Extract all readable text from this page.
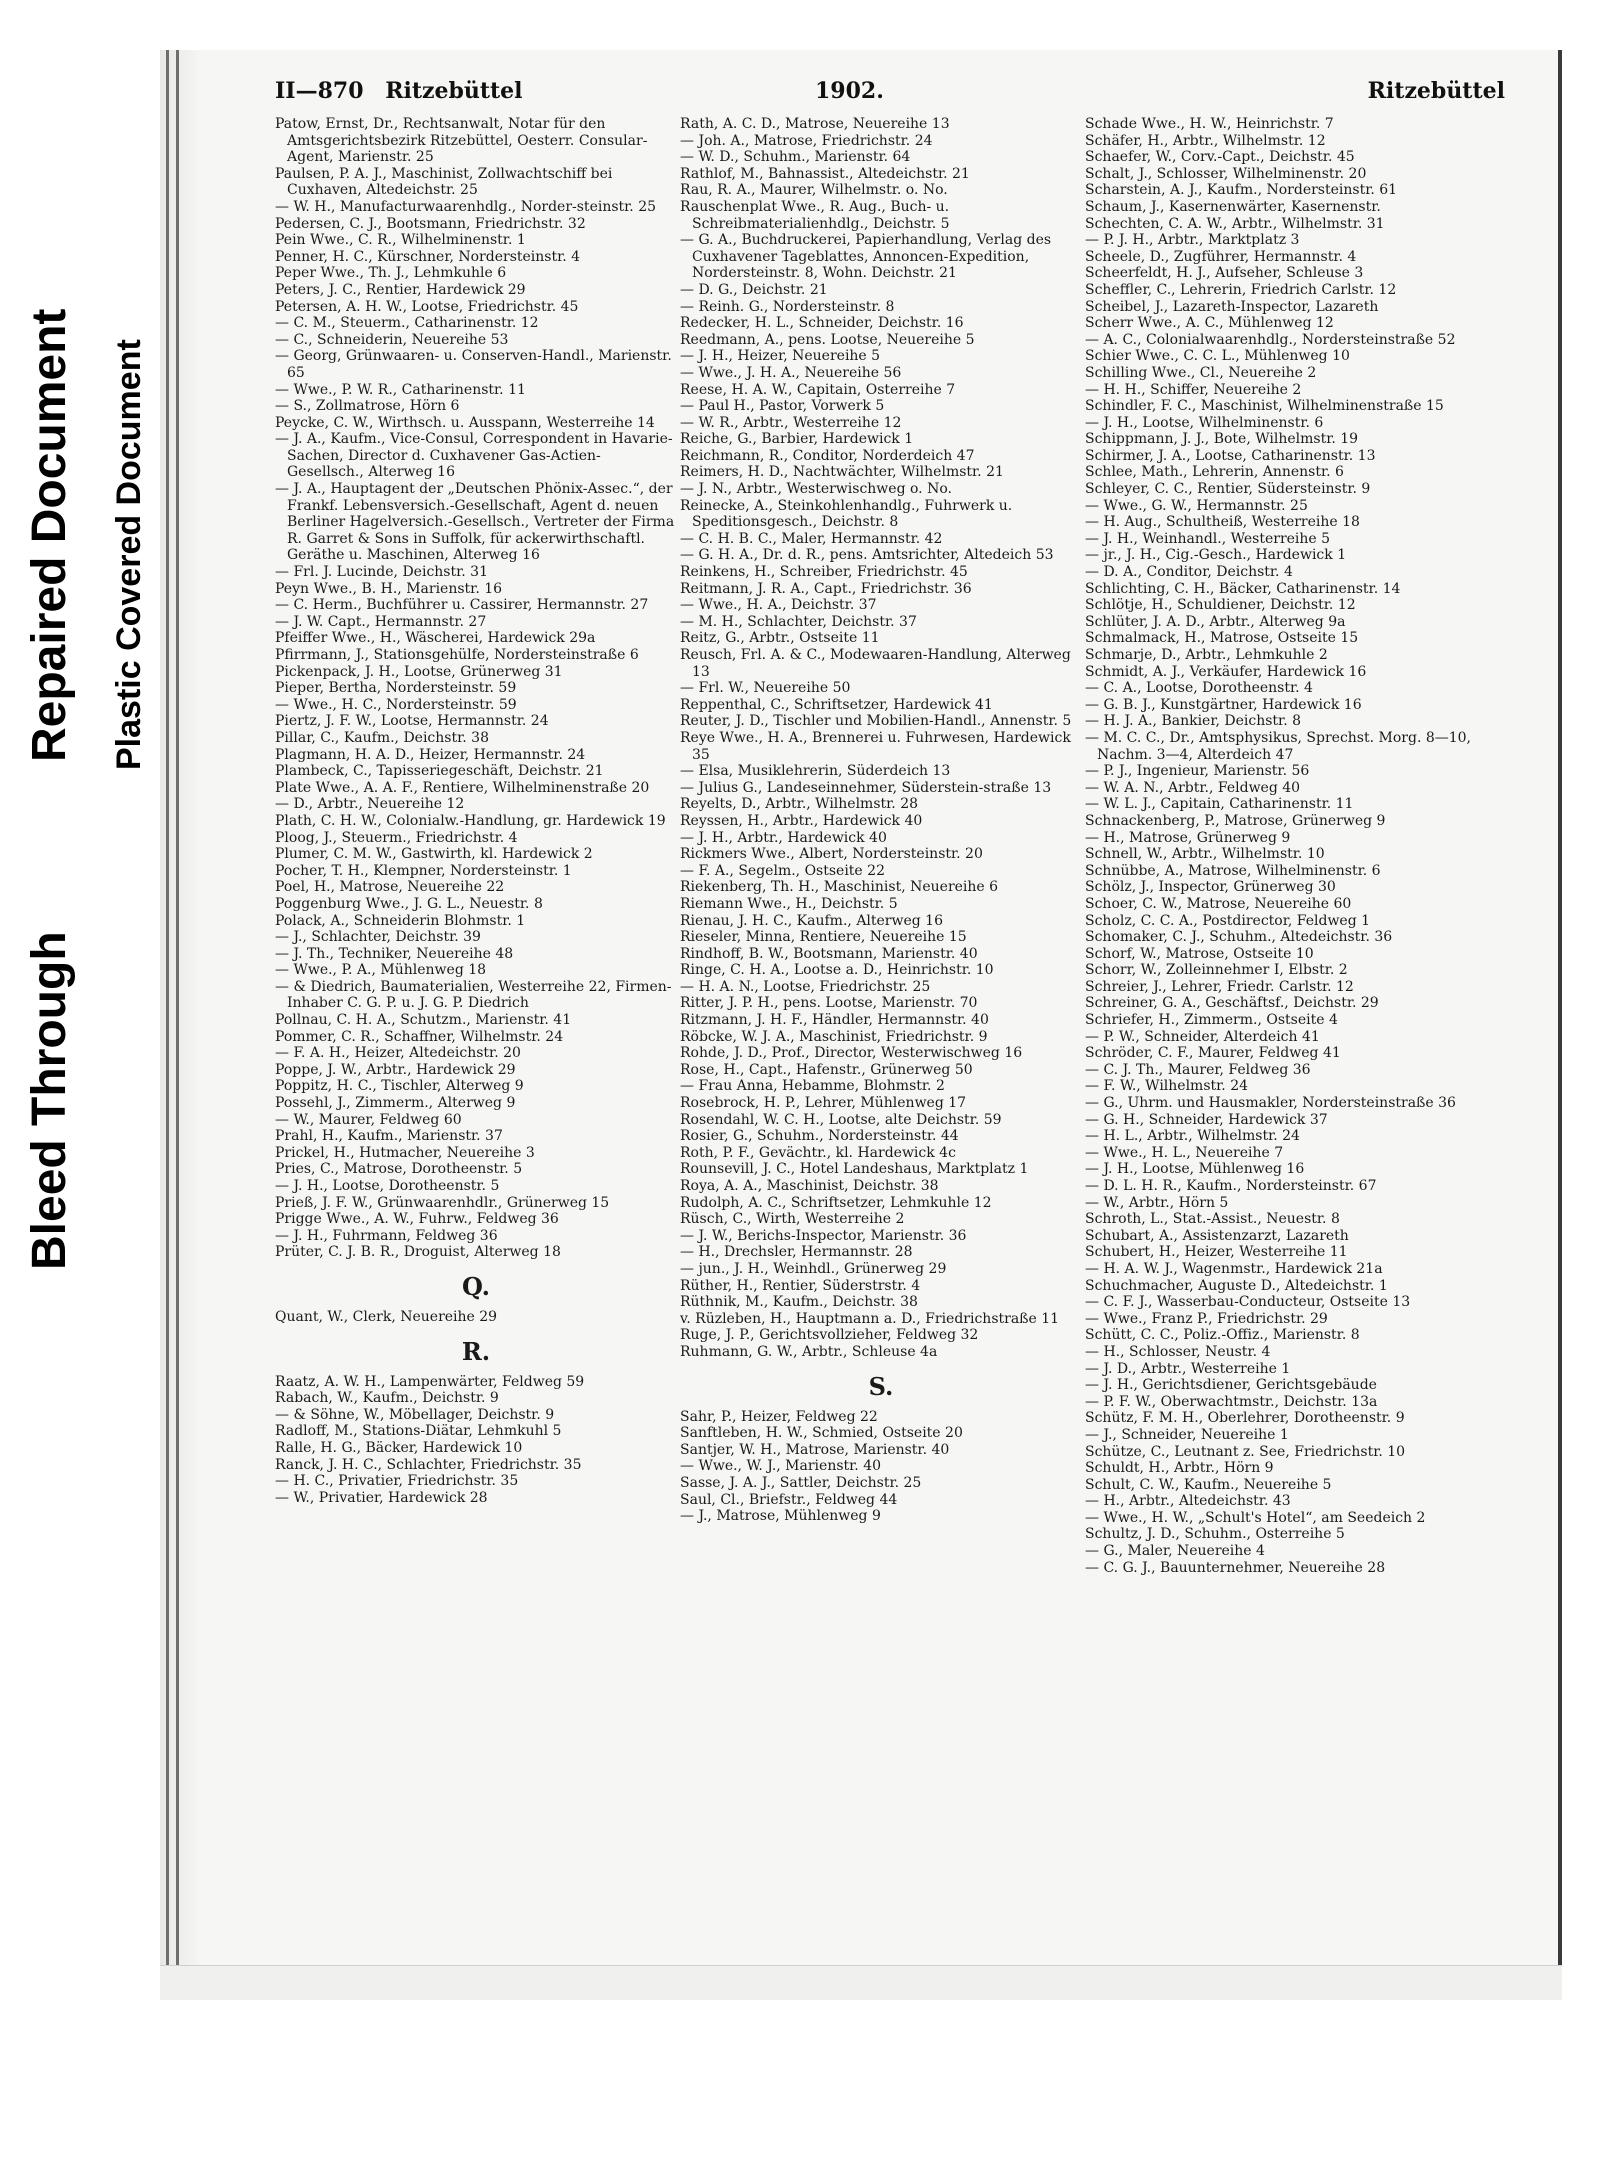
Bleed Through
Repaired Document Plastic Covered Document
II—870 Ritzebüttel	1902.	Ritzebüttel

Patow, Ernst, Dr., Rechtsanwalt, Notar für den Amtsgerichtsbezirk Ritzebüttel, Oesterr. Consular-Agent, Marienstr. 25

Paulsen, P. A. J., Maschinist, Zollwachtschiff bei Cuxhaven, Altedeichstr. 25

— W. H., Manufacturwaarenhdlg., Norder-steinstr. 25

Pedersen, C. J., Bootsmann, Friedrichstr. 32

Pein Wwe., C. R., Wilhelminenstr. 1

Penner, H. C., Kürschner, Nordersteinstr. 4

Peper Wwe., Th. J., Lehmkuhle 6

Peters, J. C., Rentier, Hardewick 29

Petersen, A. H. W., Lootse, Friedrichstr. 45

— C. M., Steuerm., Catharinenstr. 12

— C., Schneiderin, Neuereihe 53

— Georg, Grünwaaren- u. Conserven-Handl., Marienstr. 65

— Wwe., P. W. R., Catharinenstr. 11

— S., Zollmatrose, Hörn 6

Peycke, C. W., Wirthsch. u. Ausspann, Westerreihe 14

— J. A., Kaufm., Vice-Consul, Correspondent in Havarie-Sachen, Director d. Cuxhavener Gas-Actien-Gesellsch., Alterweg 16

— J. A., Hauptagent der „Deutschen Phönix-Assec.“, der Frankf. Lebensversich.-Gesellschaft, Agent d. neuen Berliner Hagelversich.-Gesellsch., Vertreter der Firma R. Garret & Sons in Suffolk, für ackerwirthschaftl. Geräthe u. Maschinen, Alterweg 16

— Frl. J. Lucinde, Deichstr. 31

Peyn Wwe., B. H., Marienstr. 16

— C. Herm., Buchführer u. Cassirer, Hermannstr. 27

— J. W. Capt., Hermannstr. 27

Pfeiffer Wwe., H., Wäscherei, Hardewick 29a

Pfirrmann, J., Stationsgehülfe, Nordersteinstraße 6

Pickenpack, J. H., Lootse, Grünerweg 31

Pieper, Bertha, Nordersteinstr. 59

— Wwe., H. C., Nordersteinstr. 59

Piertz, J. F. W., Lootse, Hermannstr. 24

Pillar, C., Kaufm., Deichstr. 38

Plagmann, H. A. D., Heizer, Hermannstr. 24

Plambeck, C., Tapisseriegeschäft, Deichstr. 21

Plate Wwe., A. A. F., Rentiere, Wilhelminenstraße 20

— D., Arbtr., Neuereihe 12

Plath, C. H. W., Colonialw.-Handlung, gr. Hardewick 19

Ploog, J., Steuerm., Friedrichstr. 4

Plumer, C. M. W., Gastwirth, kl. Hardewick 2

Pocher, T. H., Klempner, Nordersteinstr. 1

Poel, H., Matrose, Neuereihe 22

Poggenburg Wwe., J. G. L., Neuestr. 8

Polack, A., Schneiderin Blohmstr. 1

— J., Schlachter, Deichstr. 39

— J. Th., Techniker, Neuereihe 48

— Wwe., P. A., Mühlenweg 18

— & Diedrich, Baumaterialien, Westerreihe 22, Firmen-Inhaber C. G. P. u. J. G. P. Diedrich

Pollnau, C. H. A., Schutzm., Marienstr. 41

Pommer, C. R., Schaffner, Wilhelmstr. 24

— F. A. H., Heizer, Altedeichstr. 20

Poppe, J. W., Arbtr., Hardewick 29

Poppitz, H. C., Tischler, Alterweg 9

Possehl, J., Zimmerm., Alterweg 9

— W., Maurer, Feldweg 60

Prahl, H., Kaufm., Marienstr. 37

Prickel, H., Hutmacher, Neuereihe 3

Pries, C., Matrose, Dorotheenstr. 5

— J. H., Lootse, Dorotheenstr. 5

Prieß, J. F. W., Grünwaarenhdlr., Grünerweg 15

Prigge Wwe., A. W., Fuhrw., Feldweg 36

— J. H., Fuhrmann, Feldweg 36

Prüter, C. J. B. R., Droguist, Alterweg 18

Q.

Quant, W., Clerk, Neuereihe 29

R.

Raatz, A. W. H., Lampenwärter, Feldweg 59

Rabach, W., Kaufm., Deichstr. 9

— & Söhne, W., Möbellager, Deichstr. 9

Radloff, M., Stations-Diätar, Lehmkuhl 5

Ralle, H. G., Bäcker, Hardewick 10

Ranck, J. H. C., Schlachter, Friedrichstr. 35

— H. C., Privatier, Friedrichstr. 35

— W., Privatier, Hardewick 28

Rath, A. C. D., Matrose, Neuereihe 13

— Joh. A., Matrose, Friedrichstr. 24

— W. D., Schuhm., Marienstr. 64

Rathlof, M., Bahnassist., Altedeichstr. 21

Rau, R. A., Maurer, Wilhelmstr. o. No.

Rauschenplat Wwe., R. Aug., Buch- u. Schreibmaterialienhdlg., Deichstr. 5

— G. A., Buchdruckerei, Papierhandlung, Verlag des Cuxhavener Tageblattes, Annoncen-Expedition, Nordersteinstr. 8, Wohn. Deichstr. 21

— D. G., Deichstr. 21

— Reinh. G., Nordersteinstr. 8

Redecker, H. L., Schneider, Deichstr. 16

Reedmann, A., pens. Lootse, Neuereihe 5

— J. H., Heizer, Neuereihe 5

— Wwe., J. H. A., Neuereihe 56

Reese, H. A. W., Capitain, Osterreihe 7

— Paul H., Pastor, Vorwerk 5

— W. R., Arbtr., Westerreihe 12

Reiche, G., Barbier, Hardewick 1

Reichmann, R., Conditor, Norderdeich 47

Reimers, H. D., Nachtwächter, Wilhelmstr. 21

— J. N., Arbtr., Westerwischweg o. No.

Reinecke, A., Steinkohlenhandlg., Fuhrwerk u. Speditionsgesch., Deichstr. 8

— C. H. B. C., Maler, Hermannstr. 42

— G. H. A., Dr. d. R., pens. Amtsrichter, Altedeich 53

Reinkens, H., Schreiber, Friedrichstr. 45

Reitmann, J. R. A., Capt., Friedrichstr. 36

— Wwe., H. A., Deichstr. 37

— M. H., Schlachter, Deichstr. 37

Reitz, G., Arbtr., Ostseite 11

Reusch, Frl. A. & C., Modewaaren-Handlung, Alterweg 13

— Frl. W., Neuereihe 50

Reppenthal, C., Schriftsetzer, Hardewick 41

Reuter, J. D., Tischler und Mobilien-Handl., Annenstr. 5

Reye Wwe., H. A., Brennerei u. Fuhrwesen, Hardewick 35

— Elsa, Musiklehrerin, Süderdeich 13

— Julius G., Landeseinnehmer, Süderstein-straße 13

Reyelts, D., Arbtr., Wilhelmstr. 28

Reyssen, H., Arbtr., Hardewick 40

— J. H., Arbtr., Hardewick 40

Rickmers Wwe., Albert, Nordersteinstr. 20

— F. A., Segelm., Ostseite 22

Riekenberg, Th. H., Maschinist, Neuereihe 6

Riemann Wwe., H., Deichstr. 5

Rienau, J. H. C., Kaufm., Alterweg 16

Rieseler, Minna, Rentiere, Neuereihe 15

Rindhoff, B. W., Bootsmann, Marienstr. 40

Ringe, C. H. A., Lootse a. D., Heinrichstr. 10

— H. A. N., Lootse, Friedrichstr. 25

Ritter, J. P. H., pens. Lootse, Marienstr. 70

Ritzmann, J. H. F., Händler, Hermannstr. 40

Röbcke, W. J. A., Maschinist, Friedrichstr. 9

Rohde, J. D., Prof., Director, Westerwischweg 16

Rose, H., Capt., Hafenstr., Grünerweg 50

— Frau Anna, Hebamme, Blohmstr. 2

Rosebrock, H. P., Lehrer, Mühlenweg 17

Rosendahl, W. C. H., Lootse, alte Deichstr. 59

Rosier, G., Schuhm., Nordersteinstr. 44

Roth, P. F., Gevächtr., kl. Hardewick 4c

Rounsevill, J. C., Hotel Landeshaus, Marktplatz 1

Roya, A. A., Maschinist, Deichstr. 38

Rudolph, A. C., Schriftsetzer, Lehmkuhle 12

Rüsch, C., Wirth, Westerreihe 2

— J. W., Berichs-Inspector, Marienstr. 36

— H., Drechsler, Hermannstr. 28

— jun., J. H., Weinhdl., Grünerweg 29

Rüther, H., Rentier, Süderstrstr. 4

Rüthnik, M., Kaufm., Deichstr. 38

v. Rüzleben, H., Hauptmann a. D., Friedrichstraße 11

Ruge, J. P., Gerichtsvollzieher, Feldweg 32

Ruhmann, G. W., Arbtr., Schleuse 4a

S.

Sahr, P., Heizer, Feldweg 22

Sanftleben, H. W., Schmied, Ostseite 20

Santjer, W. H., Matrose, Marienstr. 40

— Wwe., W. J., Marienstr. 40

Sasse, J. A. J., Sattler, Deichstr. 25

Saul, Cl., Briefstr., Feldweg 44

— J., Matrose, Mühlenweg 9

Schade Wwe., H. W., Heinrichstr. 7

Schäfer, H., Arbtr., Wilhelmstr. 12

Schaefer, W., Corv.-Capt., Deichstr. 45

Schalt, J., Schlosser, Wilhelminenstr. 20

Scharstein, A. J., Kaufm., Nordersteinstr. 61

Schaum, J., Kasernenwärter, Kasernenstr.

Schechten, C. A. W., Arbtr., Wilhelmstr. 31

— P. J. H., Arbtr., Marktplatz 3

Scheele, D., Zugführer, Hermannstr. 4

Scheerfeldt, H. J., Aufseher, Schleuse 3

Scheffler, C., Lehrerin, Friedrich Carlstr. 12

Scheibel, J., Lazareth-Inspector, Lazareth

Scherr Wwe., A. C., Mühlenweg 12

— A. C., Colonialwaarenhdlg., Nordersteinstraße 52

Schier Wwe., C. C. L., Mühlenweg 10

Schilling Wwe., Cl., Neuereihe 2

— H. H., Schiffer, Neuereihe 2

Schindler, F. C., Maschinist, Wilhelminenstraße 15

— J. H., Lootse, Wilhelminenstr. 6

Schippmann, J. J., Bote, Wilhelmstr. 19

Schirmer, J. A., Lootse, Catharinenstr. 13

Schlee, Math., Lehrerin, Annenstr. 6

Schleyer, C. C., Rentier, Südersteinstr. 9

— Wwe., G. W., Hermannstr. 25

— H. Aug., Schultheiß, Westerreihe 18

— J. H., Weinhandl., Westerreihe 5

— jr., J. H., Cig.-Gesch., Hardewick 1

— D. A., Conditor, Deichstr. 4

Schlichting, C. H., Bäcker, Catharinenstr. 14

Schlötje, H., Schuldiener, Deichstr. 12

Schlüter, J. A. D., Arbtr., Alterweg 9a

Schmalmack, H., Matrose, Ostseite 15

Schmarje, D., Arbtr., Lehmkuhle 2

Schmidt, A. J., Verkäufer, Hardewick 16

— C. A., Lootse, Dorotheenstr. 4

— G. B. J., Kunstgärtner, Hardewick 16

— H. J. A., Bankier, Deichstr. 8

— M. C. C., Dr., Amtsphysikus, Sprechst. Morg. 8—10, Nachm. 3—4, Alterdeich 47

— P. J., Ingenieur, Marienstr. 56

— W. A. N., Arbtr., Feldweg 40

— W. L. J., Capitain, Catharinenstr. 11

Schnackenberg, P., Matrose, Grünerweg 9

— H., Matrose, Grünerweg 9

Schnell, W., Arbtr., Wilhelmstr. 10

Schnübbe, A., Matrose, Wilhelminenstr. 6

Schölz, J., Inspector, Grünerweg 30

Schoer, C. W., Matrose, Neuereihe 60

Scholz, C. C. A., Postdirector, Feldweg 1

Schomaker, C. J., Schuhm., Altedeichstr. 36

Schorf, W., Matrose, Ostseite 10

Schorr, W., Zolleinnehmer I, Elbstr. 2

Schreier, J., Lehrer, Friedr. Carlstr. 12

Schreiner, G. A., Geschäftsf., Deichstr. 29

Schriefer, H., Zimmerm., Ostseite 4

— P. W., Schneider, Alterdeich 41

Schröder, C. F., Maurer, Feldweg 41

— C. J. Th., Maurer, Feldweg 36

— F. W., Wilhelmstr. 24

— G., Uhrm. und Hausmakler, Nordersteinstraße 36

— G. H., Schneider, Hardewick 37

— H. L., Arbtr., Wilhelmstr. 24

— Wwe., H. L., Neuereihe 7

— J. H., Lootse, Mühlenweg 16

— D. L. H. R., Kaufm., Nordersteinstr. 67

— W., Arbtr., Hörn 5

Schroth, L., Stat.-Assist., Neuestr. 8

Schubart, A., Assistenzarzt, Lazareth

Schubert, H., Heizer, Westerreihe 11

— H. A. W. J., Wagenmstr., Hardewick 21a

Schuchmacher, Auguste D., Altedeichstr. 1

— C. F. J., Wasserbau-Conducteur, Ostseite 13

— Wwe., Franz P., Friedrichstr. 29

Schütt, C. C., Poliz.-Offiz., Marienstr. 8

— H., Schlosser, Neustr. 4

— J. D., Arbtr., Westerreihe 1

— J. H., Gerichtsdiener, Gerichtsgebäude

— P. F. W., Oberwachtmstr., Deichstr. 13a

Schütz, F. M. H., Oberlehrer, Dorotheenstr. 9

— J., Schneider, Neuereihe 1

Schütze, C., Leutnant z. See, Friedrichstr. 10

Schuldt, H., Arbtr., Hörn 9

Schult, C. W., Kaufm., Neuereihe 5

— H., Arbtr., Altedeichstr. 43

— Wwe., H. W., „Schult's Hotel“, am Seedeich 2

Schultz, J. D., Schuhm., Osterreihe 5

— G., Maler, Neuereihe 4

— C. G. J., Bauunternehmer, Neuereihe 28
